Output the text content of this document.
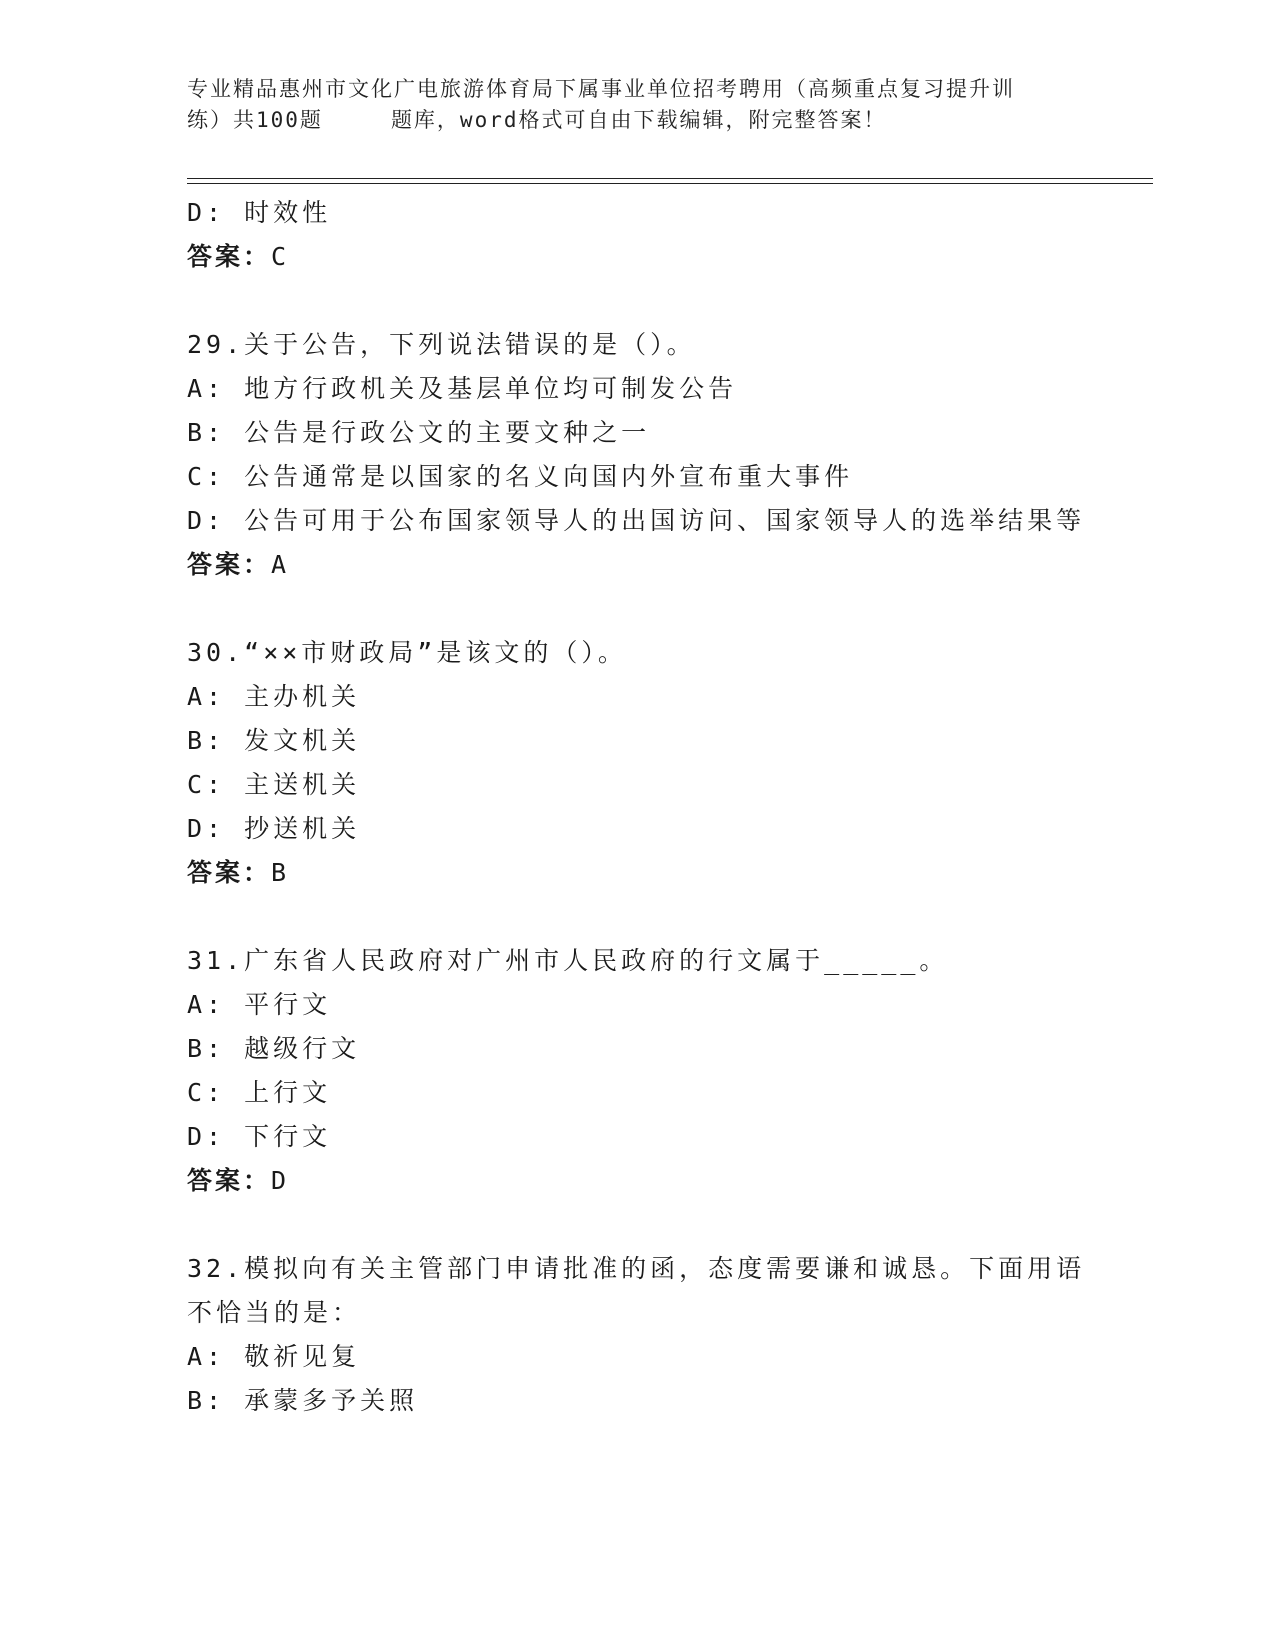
专业精品惠州市文化广电旅游体育局下属事业单位招考聘用（高频重点复习提升训
练）共100题	题库，word格式可自由下载编辑，附完整答案！
D: 时效性
答案：C
29.关于公告，下列说法错误的是（）。
A: 地方行政机关及基层单位均可制发公告
B: 公告是行政公文的主要文种之一
C: 公告通常是以国家的名义向国内外宣布重大事件
D: 公告可用于公布国家领导人的出国访问、国家领导人的选举结果等
答案：A
30.“××市财政局”是该文的（）。
A: 主办机关
B: 发文机关
C: 主送机关
D: 抄送机关
答案：B
31.广东省人民政府对广州市人民政府的行文属于_____。
A: 平行文
B: 越级行文
C: 上行文
D: 下行文
答案：D
32.模拟向有关主管部门申请批准的函，态度需要谦和诚恳。下面用语
不恰当的是：
A: 敬祈见复
B: 承蒙多予关照
